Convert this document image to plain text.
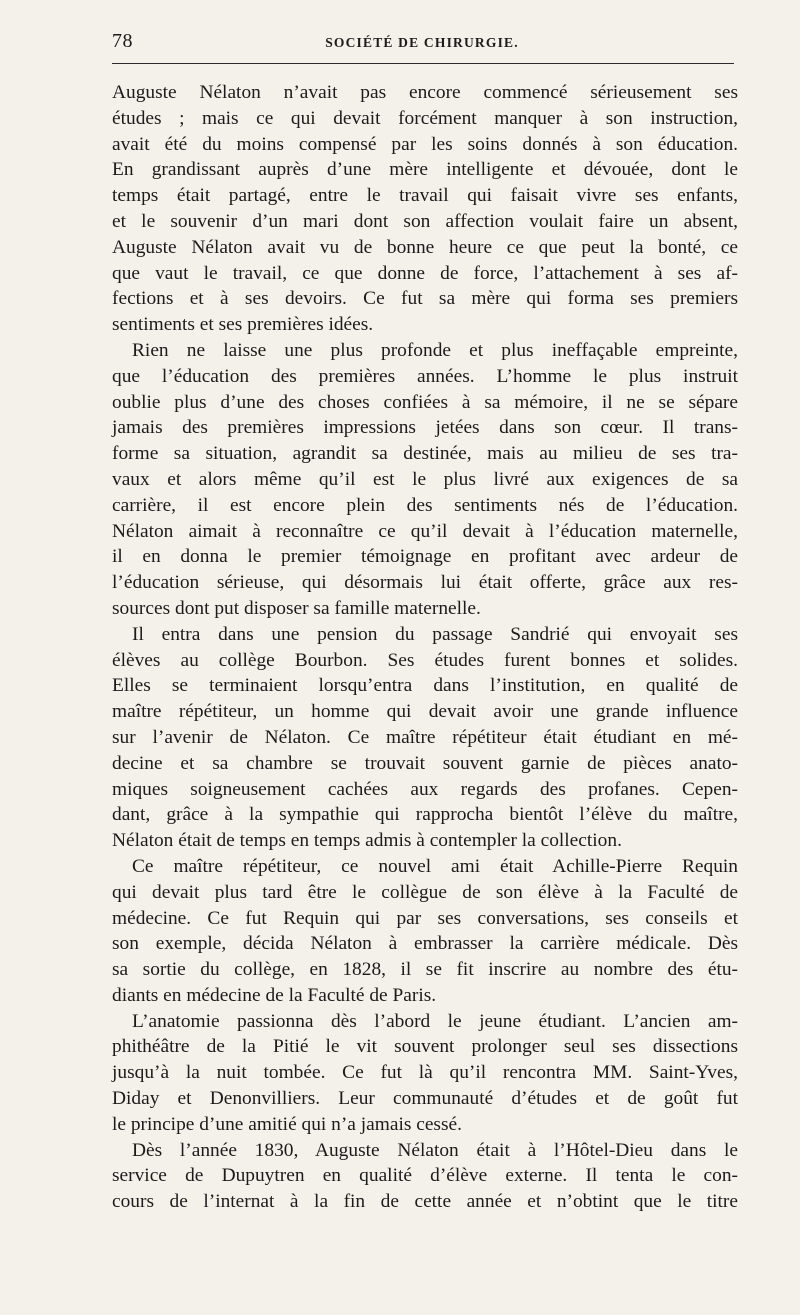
78	SOCIÉTÉ DE CHIRURGIE.
Auguste Nélaton n’avait pas encore commencé sérieusement ses
études ; mais ce qui devait forcément manquer à son instruction,
avait été du moins compensé par les soins donnés à son éducation.
En grandissant auprès d’une mère intelligente et dévouée, dont le
temps était partagé, entre le travail qui faisait vivre ses enfants,
et le souvenir d’un mari dont son affection voulait faire un absent,
Auguste Nélaton avait vu de bonne heure ce que peut la bonté, ce
que vaut le travail, ce que donne de force, l’attachement à ses af-
fections et à ses devoirs. Ce fut sa mère qui forma ses premiers
sentiments et ses premières idées.
Rien ne laisse une plus profonde et plus ineffaçable empreinte,
que l’éducation des premières années. L’homme le plus instruit
oublie plus d’une des choses confiées à sa mémoire, il ne se sépare
jamais des premières impressions jetées dans son cœur. Il trans-
forme sa situation, agrandit sa destinée, mais au milieu de ses tra-
vaux et alors même qu’il est le plus livré aux exigences de sa
carrière, il est encore plein des sentiments nés de l’éducation.
Nélaton aimait à reconnaître ce qu’il devait à l’éducation maternelle,
il en donna le premier témoignage en profitant avec ardeur de
l’éducation sérieuse, qui désormais lui était offerte, grâce aux res-
sources dont put disposer sa famille maternelle.
Il entra dans une pension du passage Sandrié qui envoyait ses
élèves au collège Bourbon. Ses études furent bonnes et solides.
Elles se terminaient lorsqu’entra dans l’institution, en qualité de
maître répétiteur, un homme qui devait avoir une grande influence
sur l’avenir de Nélaton. Ce maître répétiteur était étudiant en mé-
decine et sa chambre se trouvait souvent garnie de pièces anato-
miques soigneusement cachées aux regards des profanes. Cepen-
dant, grâce à la sympathie qui rapprocha bientôt l’élève du maître,
Nélaton était de temps en temps admis à contempler la collection.
Ce maître répétiteur, ce nouvel ami était Achille-Pierre Requin
qui devait plus tard être le collègue de son élève à la Faculté de
médecine. Ce fut Requin qui par ses conversations, ses conseils et
son exemple, décida Nélaton à embrasser la carrière médicale. Dès
sa sortie du collège, en 1828, il se fit inscrire au nombre des étu-
diants en médecine de la Faculté de Paris.
L’anatomie passionna dès l’abord le jeune étudiant. L’ancien am-
phithéâtre de la Pitié le vit souvent prolonger seul ses dissections
jusqu’à la nuit tombée. Ce fut là qu’il rencontra MM. Saint-Yves,
Diday et Denonvilliers. Leur communauté d’études et de goût fut
le principe d’une amitié qui n’a jamais cessé.
Dès l’année 1830, Auguste Nélaton était à l’Hôtel-Dieu dans le
service de Dupuytren en qualité d’élève externe. Il tenta le con-
cours de l’internat à la fin de cette année et n’obtint que le titre
